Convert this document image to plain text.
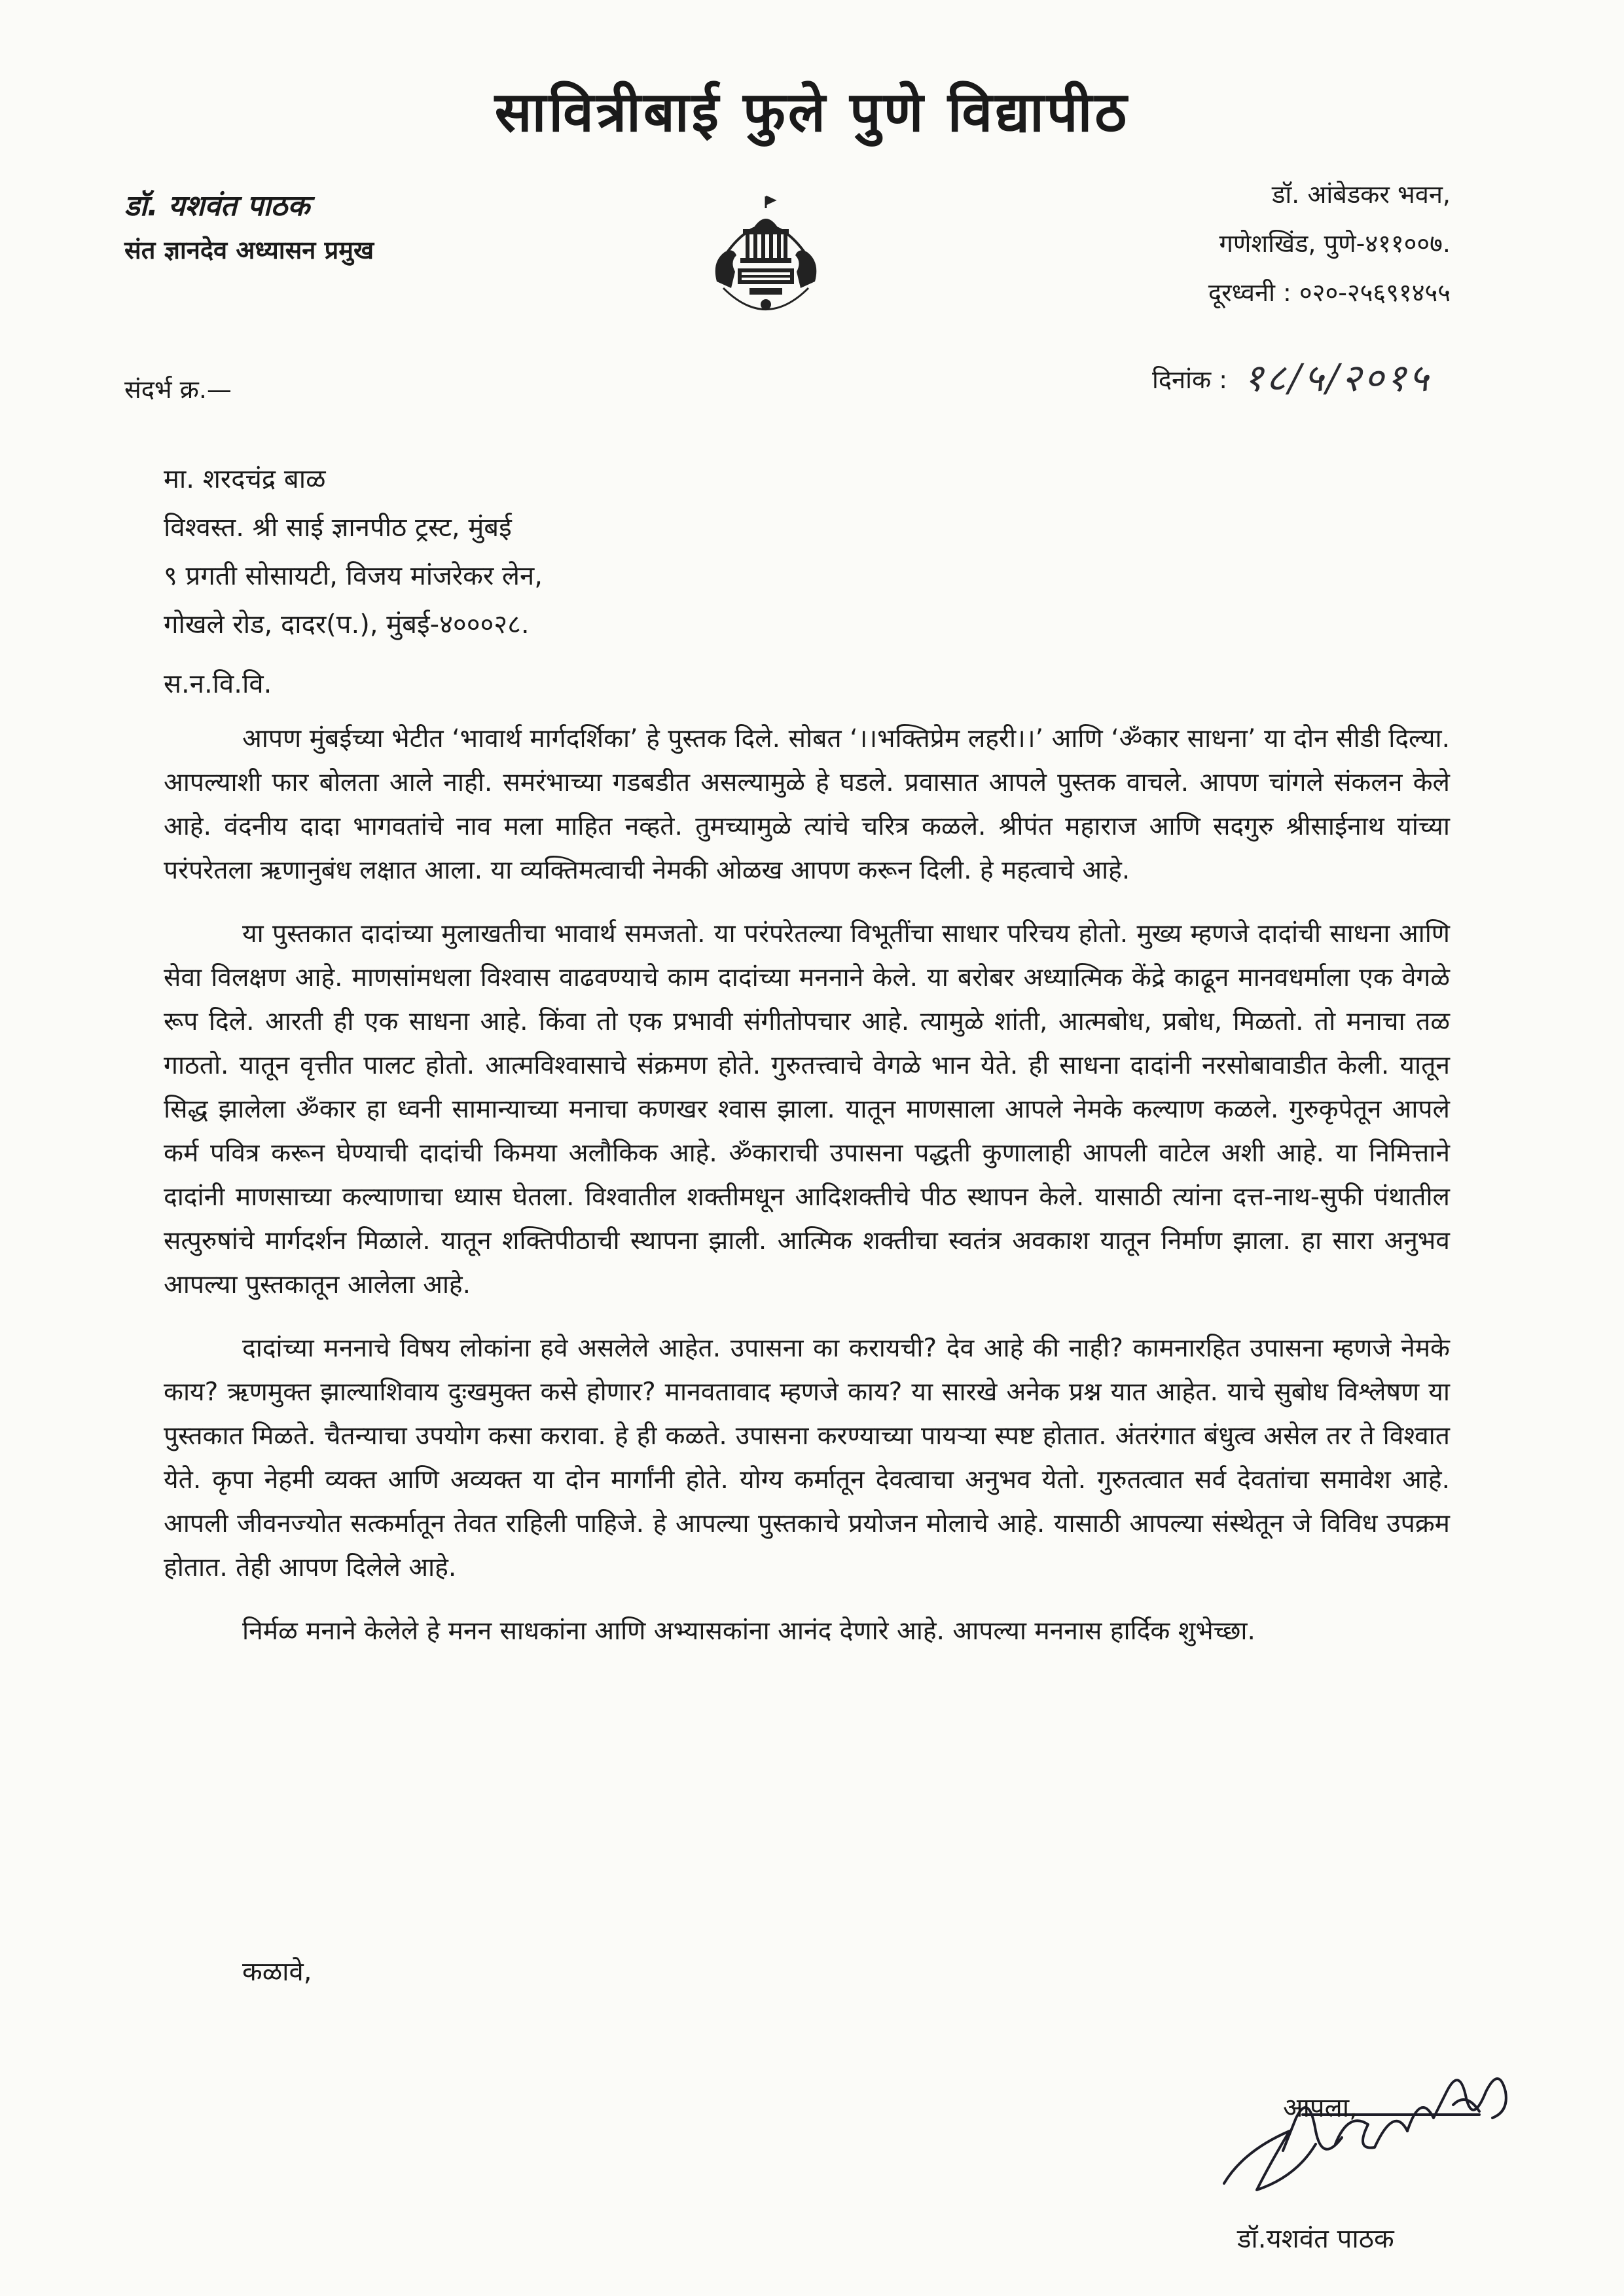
सावित्रीबाई फुले पुणे विद्यापीठ
डॉ. यशवंत पाठक
संत ज्ञानदेव अध्यासन प्रमुख
डॉ. आंबेडकर भवन,
गणेशखिंड, पुणे-४११००७.
दूरध्वनी : ०२०-२५६९१४५५
संदर्भ क्र.—	दिनांक : १८/५/२०१५
मा. शरदचंद्र बाळ
विश्वस्त. श्री साई ज्ञानपीठ ट्रस्ट, मुंबई
९ प्रगती सोसायटी, विजय मांजरेकर लेन,
गोखले रोड, दादर(प.), मुंबई-४०००२८.
स.न.वि.वि.

आपण मुंबईच्या भेटीत ‘भावार्थ मार्गदर्शिका’ हे पुस्तक दिले. सोबत ‘।।भक्तिप्रेम लहरी।।’ आणि ‘ॐकार साधना’ या दोन सीडी दिल्या. आपल्याशी फार बोलता आले नाही. समरंभाच्या गडबडीत असल्यामुळे हे घडले. प्रवासात आपले पुस्तक वाचले. आपण चांगले संकलन केले आहे. वंदनीय दादा भागवतांचे नाव मला माहित नव्हते. तुमच्यामुळे त्यांचे चरित्र कळले. श्रीपंत महाराज आणि सदगुरु श्रीसाईनाथ यांच्या परंपरेतला ऋणानुबंध लक्षात आला. या व्यक्तिमत्वाची नेमकी ओळख आपण करून दिली. हे महत्वाचे आहे.

या पुस्तकात दादांच्या मुलाखतीचा भावार्थ समजतो. या परंपरेतल्या विभूतींचा साधार परिचय होतो. मुख्य म्हणजे दादांची साधना आणि सेवा विलक्षण आहे. माणसांमधला विश्वास वाढवण्याचे काम दादांच्या मननाने केले. या बरोबर अध्यात्मिक केंद्रे काढून मानवधर्माला एक वेगळे रूप दिले. आरती ही एक साधना आहे. किंवा तो एक प्रभावी संगीतोपचार आहे. त्यामुळे शांती, आत्मबोध, प्रबोध, मिळतो. तो मनाचा तळ गाठतो. यातून वृत्तीत पालट होतो. आत्मविश्वासाचे संक्रमण होते. गुरुतत्त्वाचे वेगळे भान येते. ही साधना दादांनी नरसोबावाडीत केली. यातून सिद्ध झालेला ॐकार हा ध्वनी सामान्याच्या मनाचा कणखर श्वास झाला. यातून माणसाला आपले नेमके कल्याण कळले. गुरुकृपेतून आपले कर्म पवित्र करून घेण्याची दादांची किमया अलौकिक आहे. ॐकाराची उपासना पद्धती कुणालाही आपली वाटेल अशी आहे. या निमित्ताने दादांनी माणसाच्या कल्याणाचा ध्यास घेतला. विश्वातील शक्तीमधून आदिशक्तीचे पीठ स्थापन केले. यासाठी त्यांना दत्त-नाथ-सुफी पंथातील सत्पुरुषांचे मार्गदर्शन मिळाले. यातून शक्तिपीठाची स्थापना झाली. आत्मिक शक्तीचा स्वतंत्र अवकाश यातून निर्माण झाला. हा सारा अनुभव आपल्या पुस्तकातून आलेला आहे.

दादांच्या मननाचे विषय लोकांना हवे असलेले आहेत. उपासना का करायची? देव आहे की नाही? कामनारहित उपासना म्हणजे नेमके काय? ऋणमुक्त झाल्याशिवाय दुःखमुक्त कसे होणार? मानवतावाद म्हणजे काय? या सारखे अनेक प्रश्न यात आहेत. याचे सुबोध विश्लेषण या पुस्तकात मिळते. चैतन्याचा उपयोग कसा करावा. हे ही कळते. उपासना करण्याच्या पायऱ्या स्पष्ट होतात. अंतरंगात बंधुत्व असेल तर ते विश्वात येते. कृपा नेहमी व्यक्त आणि अव्यक्त या दोन मार्गांनी होते. योग्य कर्मातून देवत्वाचा अनुभव येतो. गुरुतत्वात सर्व देवतांचा समावेश आहे. आपली जीवनज्योत सत्कर्मातून तेवत राहिली पाहिजे. हे आपल्या पुस्तकाचे प्रयोजन मोलाचे आहे. यासाठी आपल्या संस्थेतून जे विविध उपक्रम होतात. तेही आपण दिलेले आहे.

निर्मळ मनाने केलेले हे मनन साधकांना आणि अभ्यासकांना आनंद देणारे आहे. आपल्या मननास हार्दिक शुभेच्छा.

कळावे,
आपला,
डॉ.यशवंत पाठक
